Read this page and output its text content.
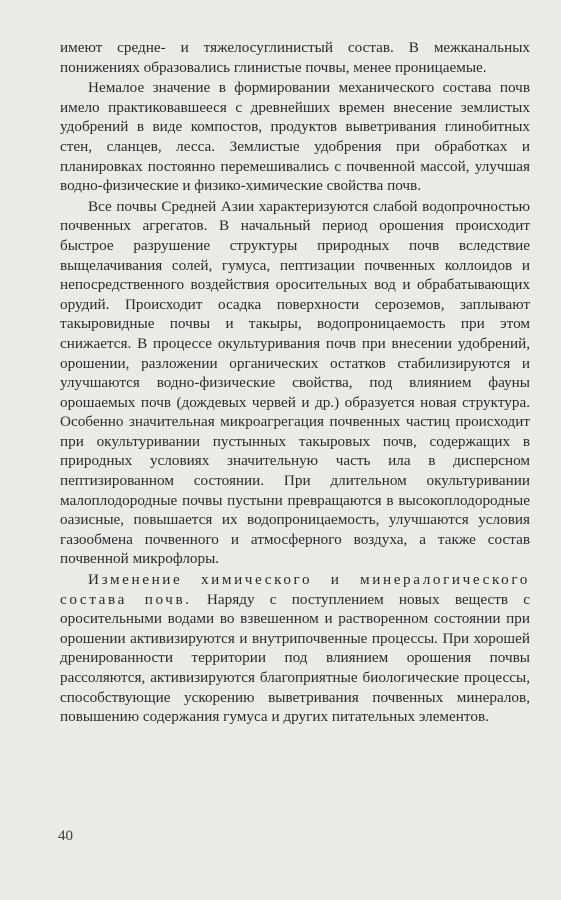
имеют средне- и тяжелосуглинистый состав. В межканальных понижениях образовались глинистые почвы, менее проницаемые.

Немалое значение в формировании механического состава почв имело практиковавшееся с древнейших времен внесение землистых удобрений в виде компостов, продуктов выветривания глинобитных стен, сланцев, лесса. Землистые удобрения при обработках и планировках постоянно перемешивались с почвенной массой, улучшая водно-физические и физико-химические свойства почв.

Все почвы Средней Азии характеризуются слабой водопрочностью почвенных агрегатов. В начальный период орошения происходит быстрое разрушение структуры природных почв вследствие выщелачивания солей, гумуса, пептизации почвенных коллоидов и непосредственного воздействия оросительных вод и обрабатывающих орудий. Происходит осадка поверхности сероземов, заплывают такыровидные почвы и такыры, водопроницаемость при этом снижается. В процессе окультуривания почв при внесении удобрений, орошении, разложении органических остатков стабилизируются и улучшаются водно-физические свойства, под влиянием фауны орошаемых почв (дождевых червей и др.) образуется новая структура. Особенно значительная микроагрегация почвенных частиц происходит при окультуривании пустынных такыровых почв, содержащих в природных условиях значительную часть ила в дисперсном пептизированном состоянии. При длительном окультуривании малоплодородные почвы пустыни превращаются в высокоплодородные оазисные, повышается их водопроницаемость, улучшаются условия газообмена почвенного и атмосферного воздуха, а также состав почвенной микрофлоры.

Изменение химического и минералогического состава почв. Наряду с поступлением новых веществ с оросительными водами во взвешенном и растворенном состоянии при орошении активизируются и внутрипочвенные процессы. При хорошей дренированности территории под влиянием орошения почвы рассоляются, активизируются благоприятные биологические процессы, способствующие ускорению выветривания почвенных минералов, повышению содержания гумуса и других питательных элементов.

40
